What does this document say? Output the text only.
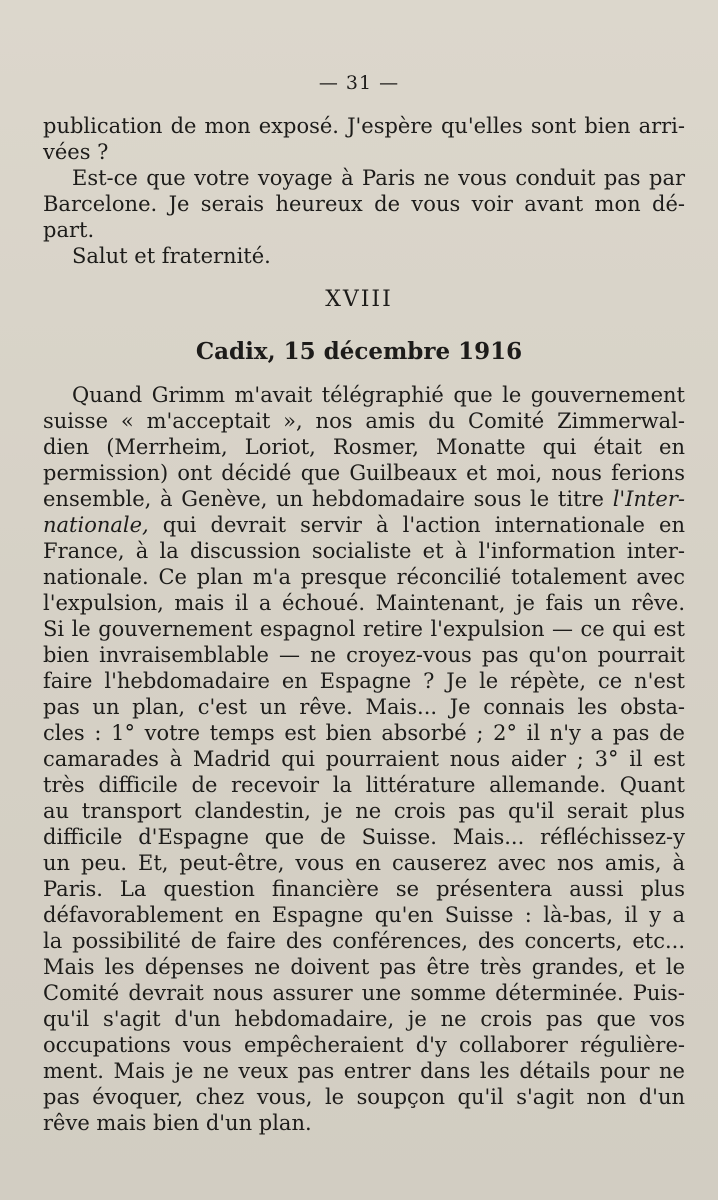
— 31 —
publication de mon exposé. J'espère qu'elles sont bien arri-
vées ?
Est-ce que votre voyage à Paris ne vous conduit pas par
Barcelone. Je serais heureux de vous voir avant mon dé-
part.
Salut et fraternité.
XVIII
Cadix, 15 décembre 1916
Quand Grimm m'avait télégraphié que le gouvernement
suisse « m'acceptait », nos amis du Comité Zimmerwal-
dien (Merrheim, Loriot, Rosmer, Monatte qui était en
permission) ont décidé que Guilbeaux et moi, nous ferions
ensemble, à Genève, un hebdomadaire sous le titre l'Inter-
nationale, qui devrait servir à l'action internationale en
France, à la discussion socialiste et à l'information inter-
nationale. Ce plan m'a presque réconcilié totalement avec
l'expulsion, mais il a échoué. Maintenant, je fais un rêve.
Si le gouvernement espagnol retire l'expulsion — ce qui est
bien invraisemblable — ne croyez-vous pas qu'on pourrait
faire l'hebdomadaire en Espagne ? Je le répète, ce n'est
pas un plan, c'est un rêve. Mais... Je connais les obsta-
cles : 1° votre temps est bien absorbé ; 2° il n'y a pas de
camarades à Madrid qui pourraient nous aider ; 3° il est
très difficile de recevoir la littérature allemande. Quant
au transport clandestin, je ne crois pas qu'il serait plus
difficile d'Espagne que de Suisse. Mais... réfléchissez-y
un peu. Et, peut-être, vous en causerez avec nos amis, à
Paris. La question financière se présentera aussi plus
défavorablement en Espagne qu'en Suisse : là-bas, il y a
la possibilité de faire des conférences, des concerts, etc...
Mais les dépenses ne doivent pas être très grandes, et le
Comité devrait nous assurer une somme déterminée. Puis-
qu'il s'agit d'un hebdomadaire, je ne crois pas que vos
occupations vous empêcheraient d'y collaborer régulière-
ment. Mais je ne veux pas entrer dans les détails pour ne
pas évoquer, chez vous, le soupçon qu'il s'agit non d'un
rêve mais bien d'un plan.
